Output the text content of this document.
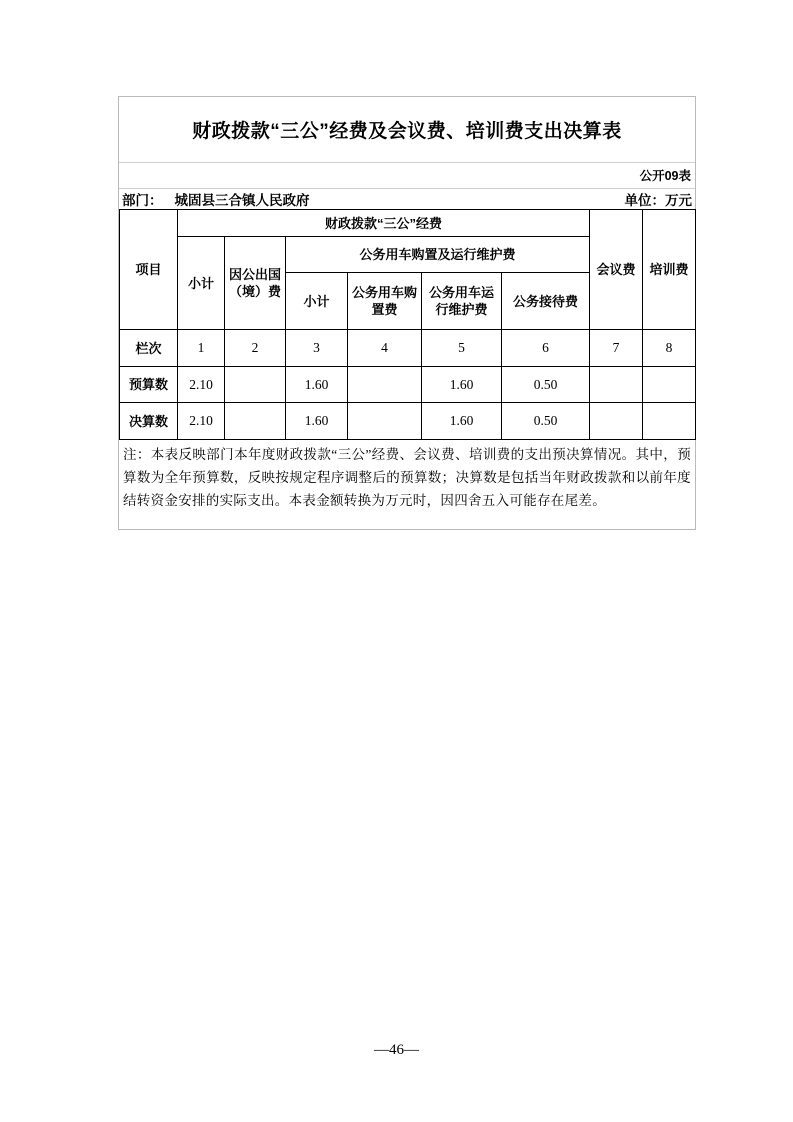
财政拨款“三公”经费及会议费、培训费支出决算表
公开09表
部门： 城固县三合镇人民政府	单位：万元
项目	财政拨款“三公”经费						会议费	培训费
	小计	因公出国（境）费	公务用车购置及运行维护费					
			小计	公务用车购置费	公务用车运行维护费	公务接待费		
栏次	1	2	3	4	5	6	7	8
预算数	2.10		1.60		1.60	0.50		
决算数	2.10		1.60		1.60	0.50		
注：本表反映部门本年度财政拨款“三公”经费、会议费、培训费的支出预决算情况。其中，预算数为全年预算数，反映按规定程序调整后的预算数；决算数是包括当年财政拨款和以前年度结转资金安排的实际支出。本表金额转换为万元时，因四舍五入可能存在尾差。
—46—
